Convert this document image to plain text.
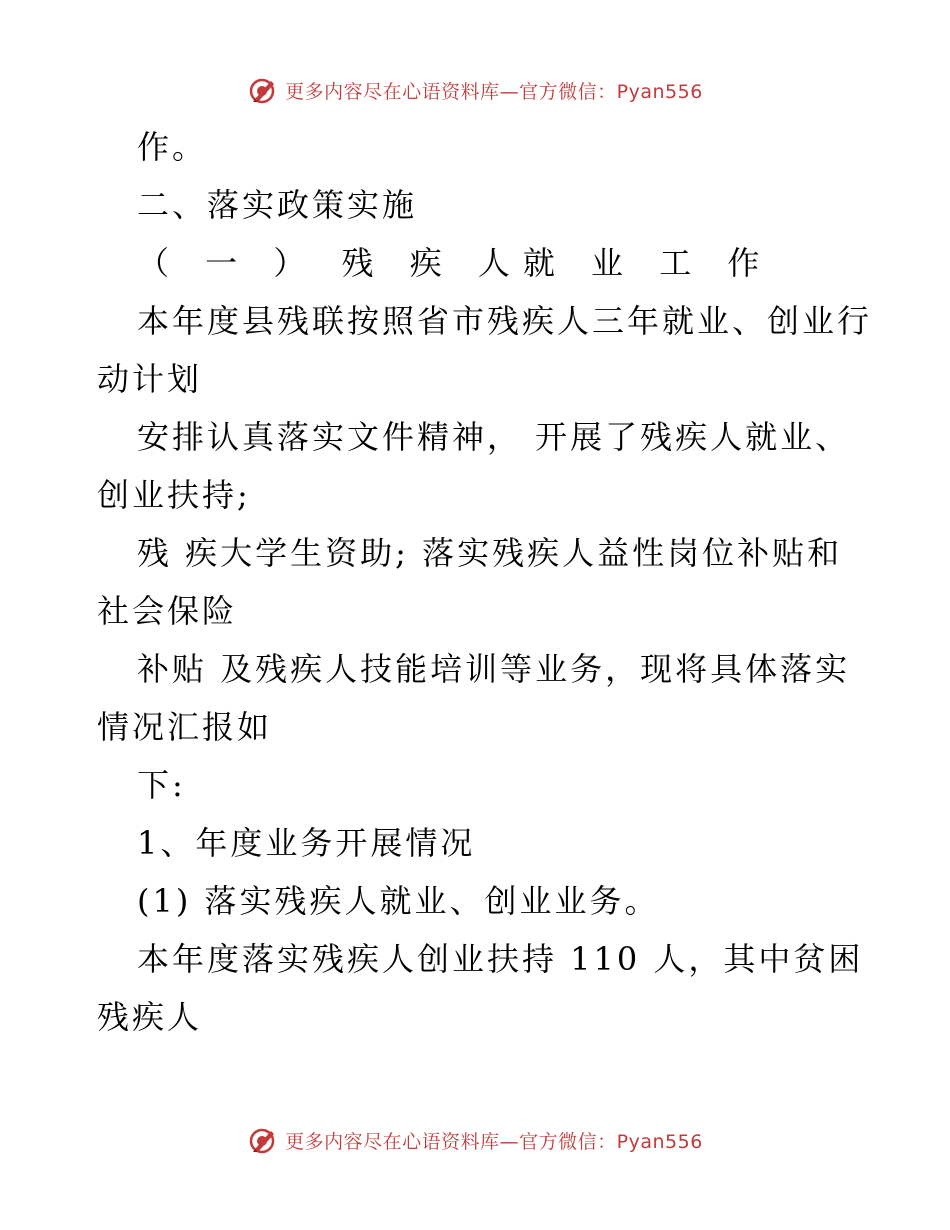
更多内容尽在心语资料库—官方微信：Pyan556
作。
二、落实政策实施
（ 一 ） 残 疾 人就 业 工 作
本年度县残联按照省市残疾人三年就业、创业行
动计划
安排认真落实文件精神， 开展了残疾人就业、
创业扶持;
残 疾大学生资助; 落实残疾人益性岗位补贴和
社会保险
补贴 及残疾人技能培训等业务，现将具体落实
情况汇报如
下:
1、年度业务开展情况
(1) 落实残疾人就业、创业业务。
本年度落实残疾人创业扶持 110 人，其中贫困
残疾人
更多内容尽在心语资料库—官方微信：Pyan556
